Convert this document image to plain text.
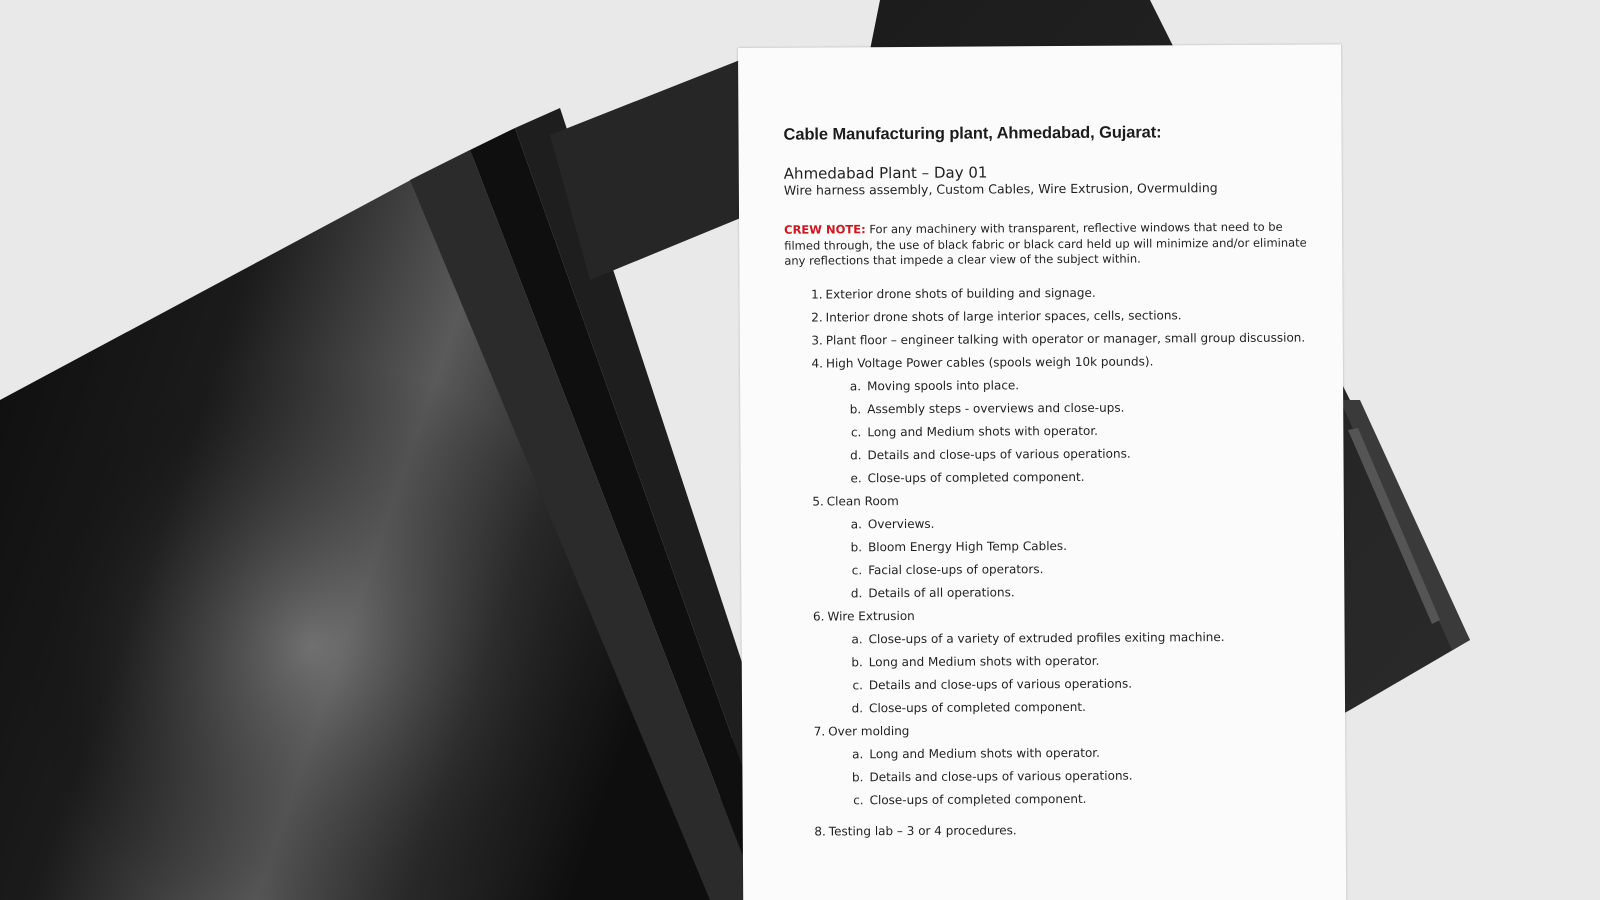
Cable Manufacturing plant, Ahmedabad, Gujarat:
Ahmedabad Plant – Day 01
Wire harness assembly, Custom Cables, Wire Extrusion, Overmulding
CREW NOTE: For any machinery with transparent, reflective windows that need to be filmed through, the use of black fabric or black card held up will minimize and/or eliminate any reflections that impede a clear view of the subject within.
1. Exterior drone shots of building and signage.
2. Interior drone shots of large interior spaces, cells, sections.
3. Plant floor – engineer talking with operator or manager, small group discussion.
4. High Voltage Power cables (spools weigh 10k pounds).
a. Moving spools into place.
b. Assembly steps - overviews and close-ups.
c. Long and Medium shots with operator.
d. Details and close-ups of various operations.
e. Close-ups of completed component.
5. Clean Room
a. Overviews.
b. Bloom Energy High Temp Cables.
c. Facial close-ups of operators.
d. Details of all operations.
6. Wire Extrusion
a. Close-ups of a variety of extruded profiles exiting machine.
b. Long and Medium shots with operator.
c. Details and close-ups of various operations.
d. Close-ups of completed component.
7. Over molding
a. Long and Medium shots with operator.
b. Details and close-ups of various operations.
c. Close-ups of completed component.
8. Testing lab – 3 or 4 procedures.
